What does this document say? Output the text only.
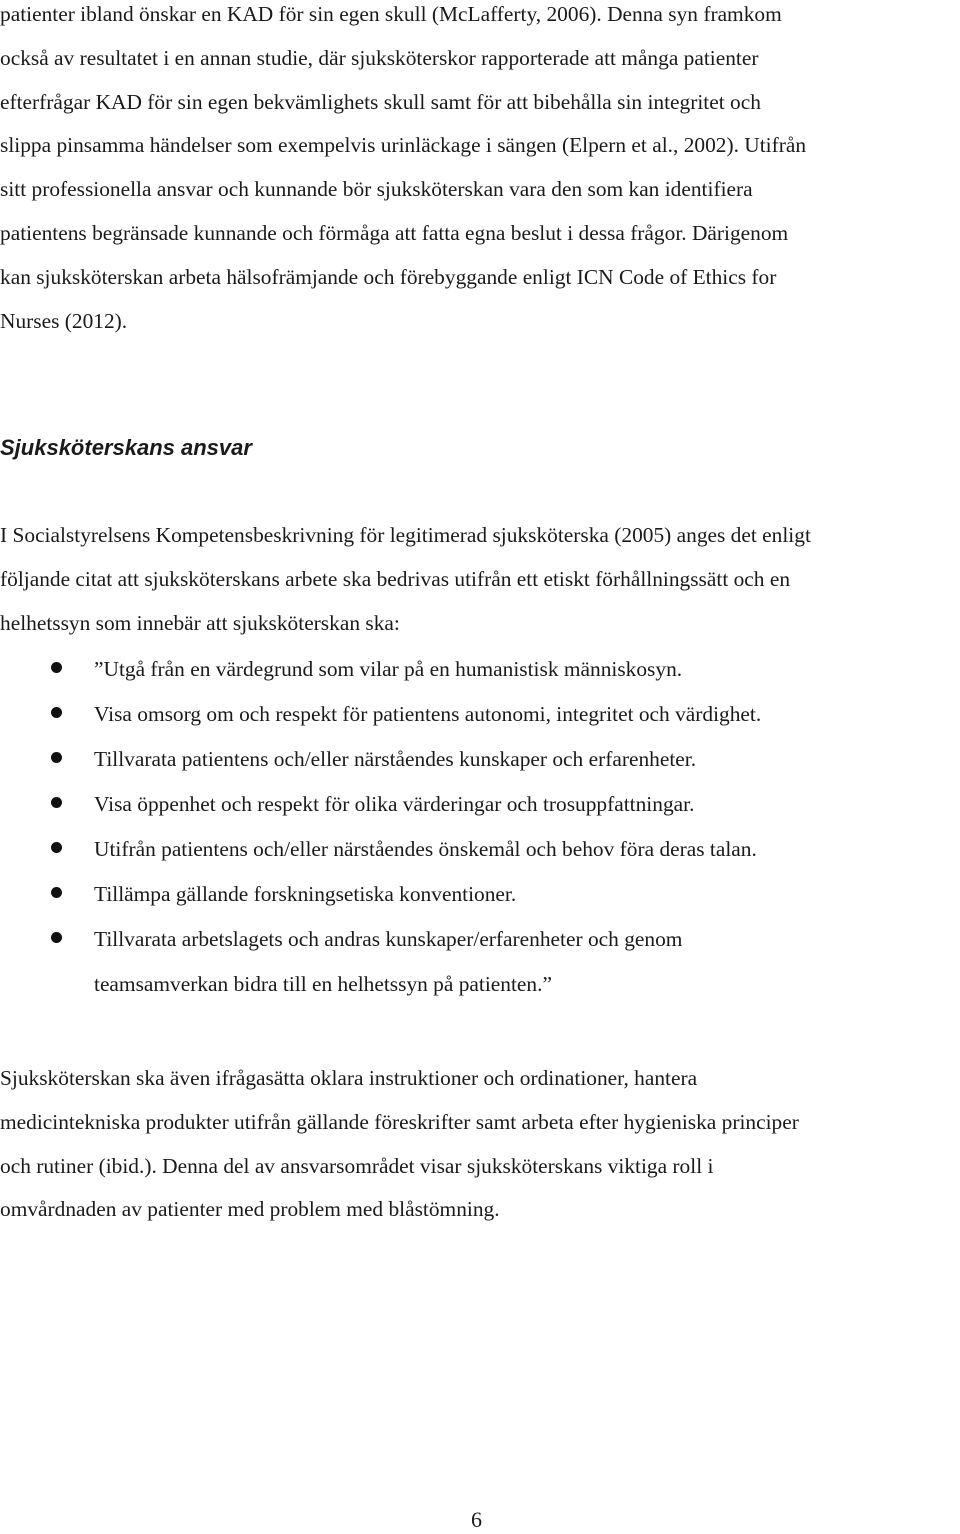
patienter ibland önskar en KAD för sin egen skull (McLafferty, 2006). Denna syn framkom
också av resultatet i en annan studie, där sjuksköterskor rapporterade att många patienter
efterfrågar KAD för sin egen bekvämlighets skull samt för att bibehålla sin integritet och
slippa pinsamma händelser som exempelvis urinläckage i sängen (Elpern et al., 2002). Utifrån
sitt professionella ansvar och kunnande bör sjuksköterskan vara den som kan identifiera
patientens begränsade kunnande och förmåga att fatta egna beslut i dessa frågor. Därigenom
kan sjuksköterskan arbeta hälsofrämjande och förebyggande enligt ICN Code of Ethics for
Nurses (2012).

Sjuksköterskans ansvar

I Socialstyrelsens Kompetensbeskrivning för legitimerad sjuksköterska (2005) anges det enligt
följande citat att sjuksköterskans arbete ska bedrivas utifrån ett etiskt förhållningssätt och en
helhetssyn som innebär att sjuksköterskan ska:

”Utgå från en värdegrund som vilar på en humanistisk människosyn.
Visa omsorg om och respekt för patientens autonomi, integritet och värdighet.
Tillvarata patientens och/eller närståendes kunskaper och erfarenheter.
Visa öppenhet och respekt för olika värderingar och trosuppfattningar.
Utifrån patientens och/eller närståendes önskemål och behov föra deras talan.
Tillämpa gällande forskningsetiska konventioner.
Tillvarata arbetslagets och andras kunskaper/erfarenheter och genom
teamsamverkan bidra till en helhetssyn på patienten.”

Sjuksköterskan ska även ifrågasätta oklara instruktioner och ordinationer, hantera
medicintekniska produkter utifrån gällande föreskrifter samt arbeta efter hygieniska principer
och rutiner (ibid.). Denna del av ansvarsområdet visar sjuksköterskans viktiga roll i
omvårdnaden av patienter med problem med blåstömning.

6
